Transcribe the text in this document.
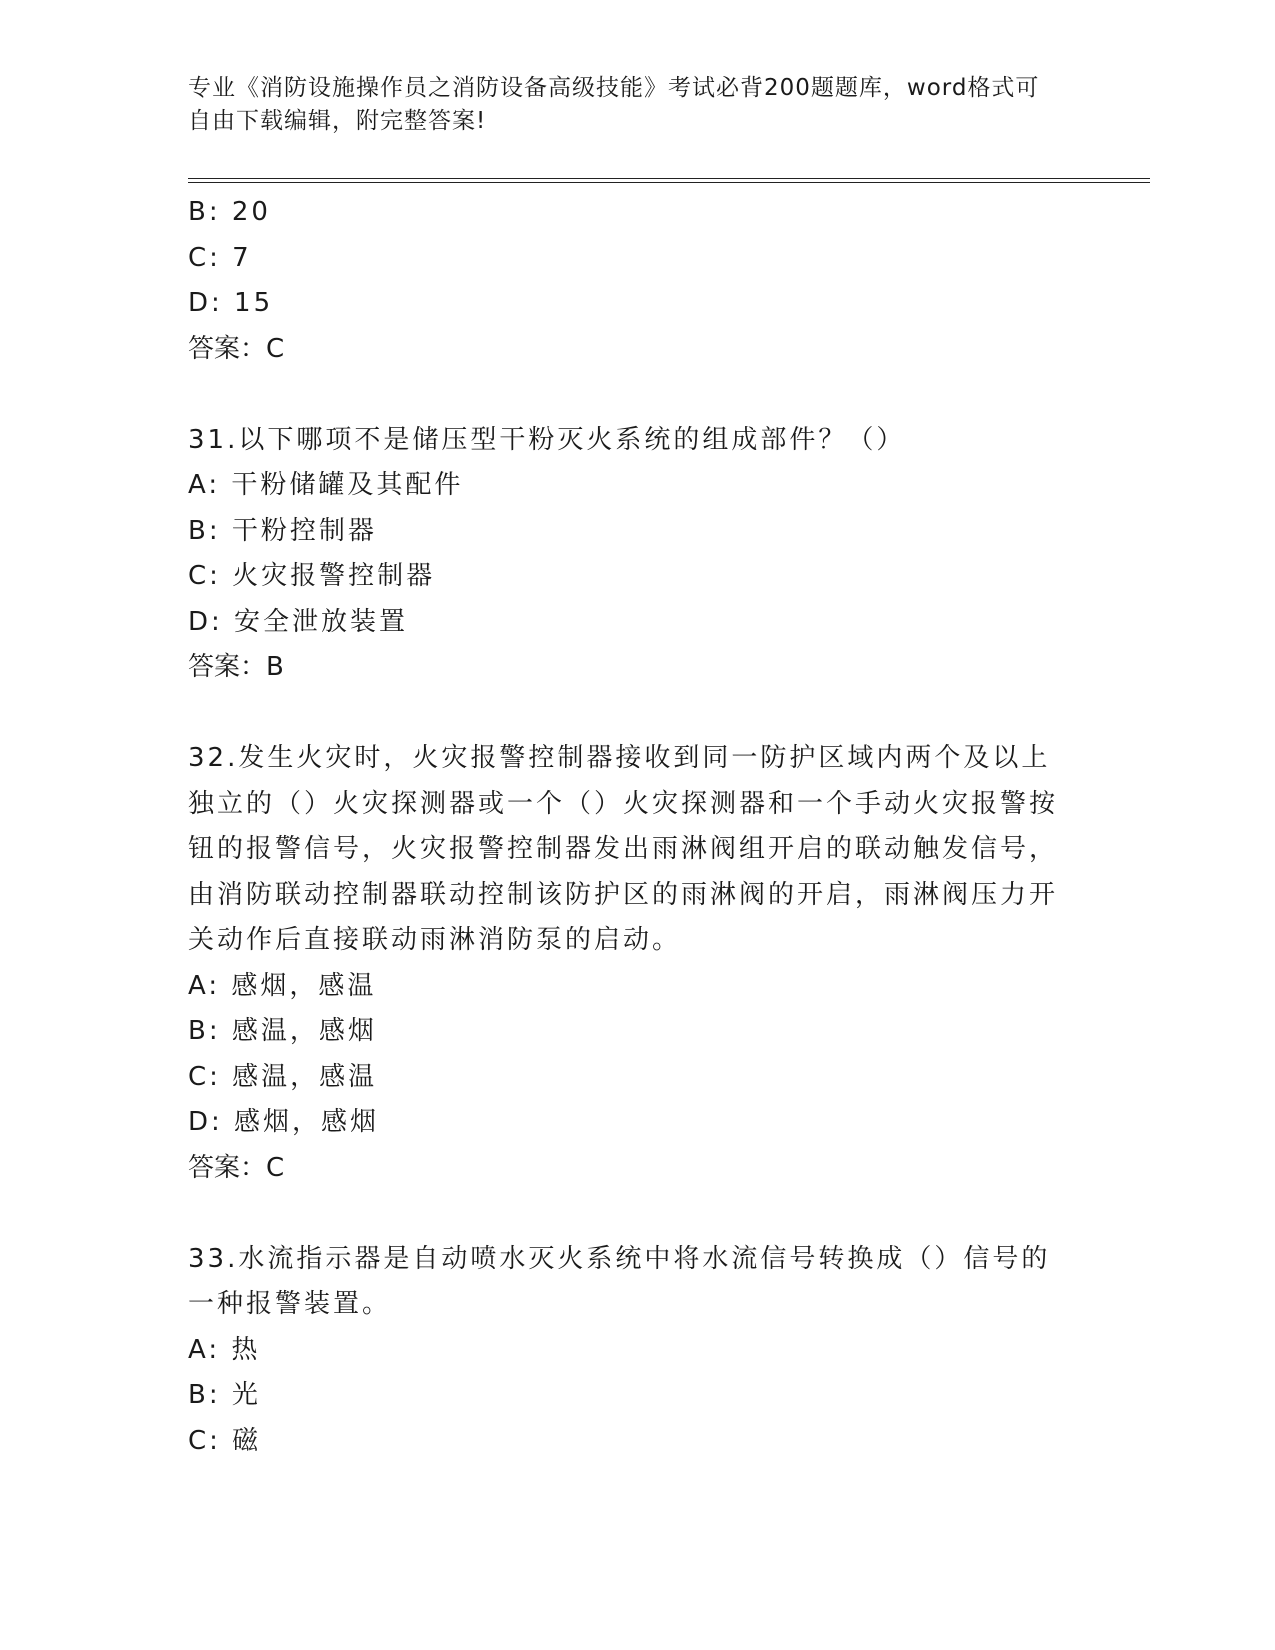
专业《消防设施操作员之消防设备高级技能》考试必背200题题库，word格式可
自由下载编辑，附完整答案!
B: 20
C: 7
D: 15
答案：C
31.以下哪项不是储压型干粉灭火系统的组成部件？（）
A: 干粉储罐及其配件
B: 干粉控制器
C: 火灾报警控制器
D: 安全泄放装置
答案：B
32.发生火灾时，火灾报警控制器接收到同一防护区域内两个及以上独立的（）火灾探测器或一个（）火灾探测器和一个手动火灾报警按钮的报警信号，火灾报警控制器发出雨淋阀组开启的联动触发信号，由消防联动控制器联动控制该防护区的雨淋阀的开启，雨淋阀压力开关动作后直接联动雨淋消防泵的启动。
A: 感烟，感温
B: 感温，感烟
C: 感温，感温
D: 感烟，感烟
答案：C
33.水流指示器是自动喷水灭火系统中将水流信号转换成（）信号的一种报警装置。
A: 热
B: 光
C: 磁
